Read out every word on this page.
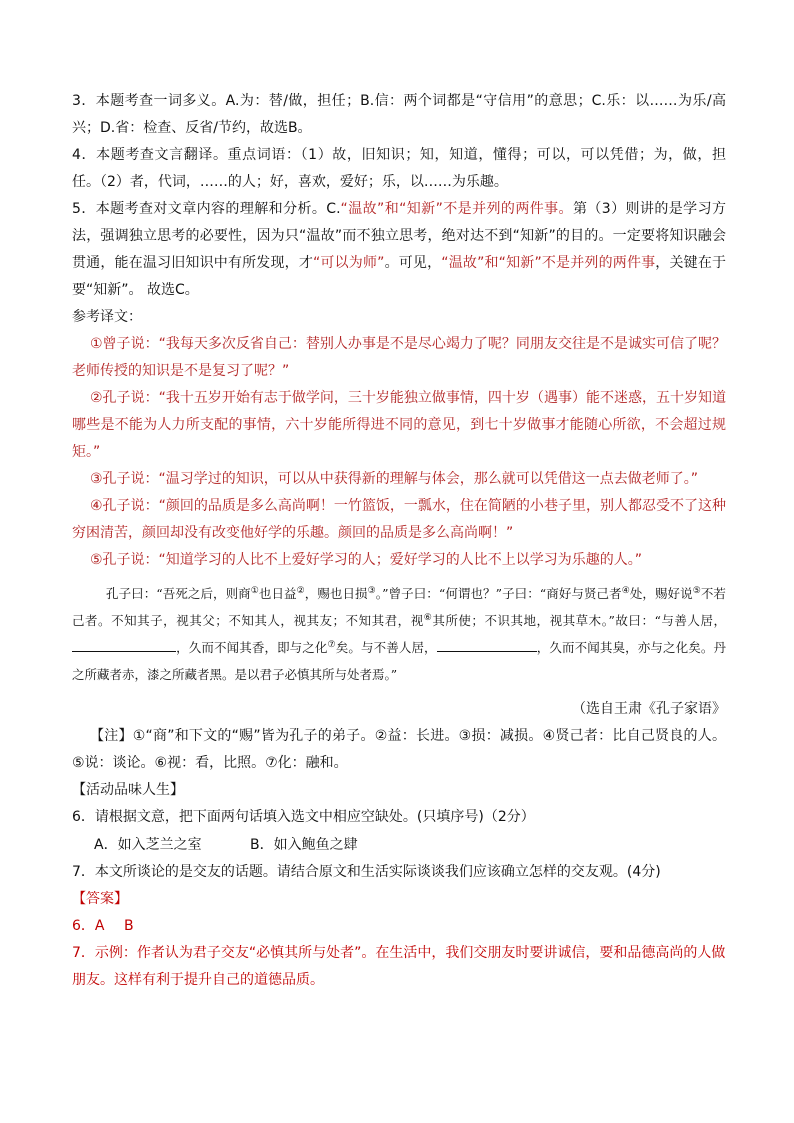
3．本题考查一词多义。A.为：替/做，担任；B.信：两个词都是“守信用”的意思；C.乐：以……为乐/高兴；D.省：检查、反省/节约，故选B。

4．本题考查文言翻译。重点词语：（1）故，旧知识；知，知道，懂得；可以，可以凭借；为，做，担任。（2）者，代词，……的人；好，喜欢，爱好；乐，以……为乐趣。

5．本题考查对文章内容的理解和分析。C.“温故”和“知新”不是并列的两件事。第（3）则讲的是学习方法，强调独立思考的必要性，因为只“温故”而不独立思考，绝对达不到“知新”的目的。一定要将知识融会贯通，能在温习旧知识中有所发现，才“可以为师”。可见，“温故”和“知新”不是并列的两件事，关键在于要“知新”。 故选C。

参考译文：

①曾子说：“我每天多次反省自己：替别人办事是不是尽心竭力了呢？同朋友交往是不是诚实可信了呢？老师传授的知识是不是复习了呢？”

②孔子说：“我十五岁开始有志于做学问，三十岁能独立做事情，四十岁（遇事）能不迷惑，五十岁知道哪些是不能为人力所支配的事情，六十岁能所得进不同的意见，到七十岁做事才能随心所欲，不会超过规矩。”

③孔子说：“温习学过的知识，可以从中获得新的理解与体会，那么就可以凭借这一点去做老师了。”

④孔子说：“颜回的品质是多么高尚啊！一竹篮饭，一瓢水，住在简陋的小巷子里，别人都忍受不了这种穷困清苦，颜回却没有改变他好学的乐趣。颜回的品质是多么高尚啊！”

⑤孔子说：“知道学习的人比不上爱好学习的人；爱好学习的人比不上以学习为乐趣的人。”

孔子曰：“吾死之后，则商①也日益②，赐也日损③。”曾子曰：“何谓也？”子曰：“商好与贤己者④处，赐好说⑤不若己者。不知其子，视其父；不知其人，视其友；不知其君，视⑥其所使；不识其地，视其草木。”故曰：“与善人居，，久而不闻其香，即与之化⑦矣。与不善人居，	，久而不闻其臭，亦与之化矣。丹之所藏者赤，漆之所藏者黑。是以君子必慎其所与处者焉。”

（选自王肃《孔子家语》

【注】①“商”和下文的“赐”皆为孔子的弟子。②益：长进。③损：减损。④贤己者：比自己贤良的人。⑤说：谈论。⑥视：看，比照。⑦化：融和。

【活动品味人生】

6．请根据文意，把下面两句话填入选文中相应空缺处。(只填序号)（2分）

A．如入芝兰之室	B．如入鲍鱼之肆

7．本文所谈论的是交友的话题。请结合原文和生活实际谈谈我们应该确立怎样的交友观。(4分)

【答案】

6．A B

7．示例：作者认为君子交友“必慎其所与处者”。在生活中，我们交朋友时要讲诚信，要和品德高尚的人做朋友。这样有利于提升自己的道德品质。
